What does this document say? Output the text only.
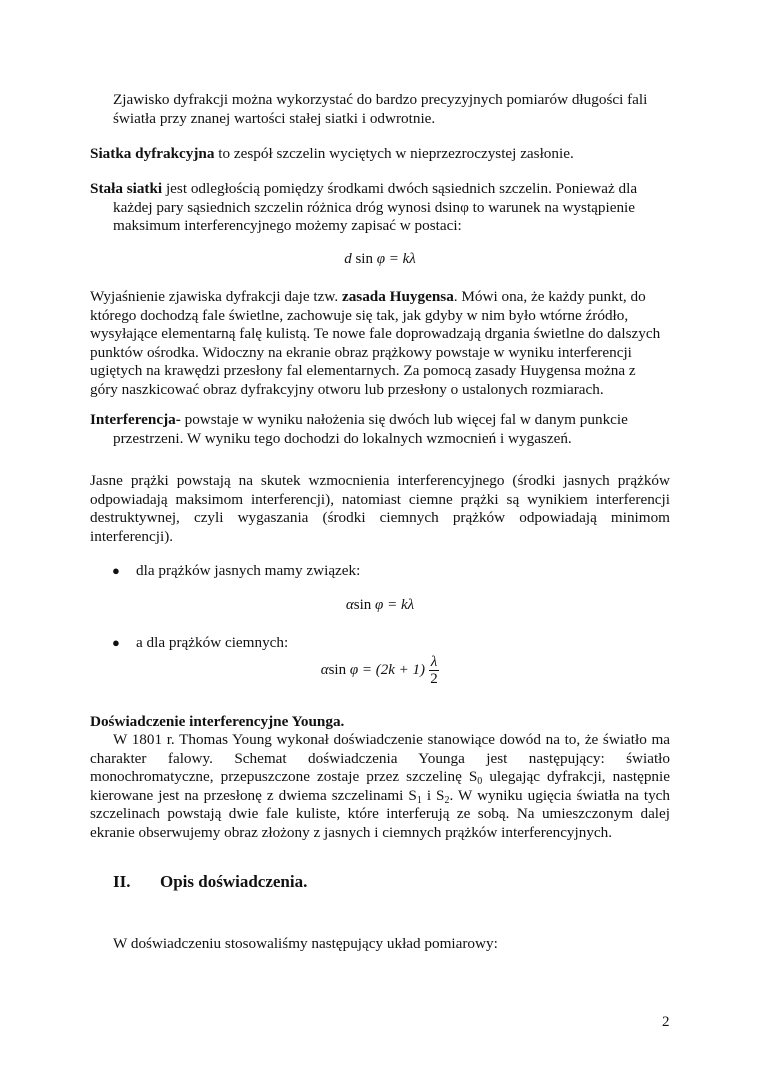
Zjawisko dyfrakcji można wykorzystać do bardzo precyzyjnych pomiarów długości fali
światła przy znanej wartości stałej siatki i odwrotnie.
Siatka dyfrakcyjna to zespół szczelin wyciętych w nieprzezroczystej zasłonie.
Stała siatki jest odległością pomiędzy środkami dwóch sąsiednich szczelin. Ponieważ dla
każdej pary sąsiednich szczelin różnica dróg wynosi dsinφ to warunek na wystąpienie
maksimum interferencyjnego możemy zapisać w postaci:
d sin φ = kλ
Wyjaśnienie zjawiska dyfrakcji daje tzw. zasada Huygensa. Mówi ona, że każdy punkt, do
którego dochodzą fale świetlne, zachowuje się tak, jak gdyby w nim było wtórne źródło,
wysyłające elementarną falę kulistą. Te nowe fale doprowadzają drgania świetlne do dalszych
punktów ośrodka. Widoczny na ekranie obraz prążkowy powstaje w wyniku interferencji
ugiętych na krawędzi przesłony fal elementarnych. Za pomocą zasady Huygensa można z
góry naszkicować obraz dyfrakcyjny otworu lub przesłony o ustalonych rozmiarach.
Interferencja- powstaje w wyniku nałożenia się dwóch lub więcej fal w danym punkcie
przestrzeni. W wyniku tego dochodzi do lokalnych wzmocnień i wygaszeń.
Jasne prążki powstają na skutek wzmocnienia interferencyjnego (środki jasnych prążków
odpowiadają maksimom interferencji), natomiast ciemne prążki są wynikiem interferencji
destruktywnej, czyli wygaszania (środki ciemnych prążków odpowiadają minimom
interferencji).
● dla prążków jasnych mamy związek:
αsin φ = kλ
● a dla prążków ciemnych:
αsin $\varphi = (2k + 1) \frac{\lambda}{2}$
Doświadczenie interferencyjne Younga.
W 1801 r. Thomas Young wykonał doświadczenie stanowiące dowód na to, że światło ma
charakter falowy. Schemat doświadczenia Younga jest następujący: światło
monochromatyczne, przepuszczone zostaje przez szczelinę $S_0$ ulegając dyfrakcji, następnie
kierowane jest na przesłonę z dwiema szczelinami $S_1$ i $S_2$. W wyniku ugięcia światła na tych
szczelinach powstają dwie fale kuliste, które interferują ze sobą. Na umieszczonym dalej
ekranie obserwujemy obraz złożony z jasnych i ciemnych prążków interferencyjnych.
II. Opis doświadczenia.
W doświadczeniu stosowaliśmy następujący układ pomiarowy:
2
